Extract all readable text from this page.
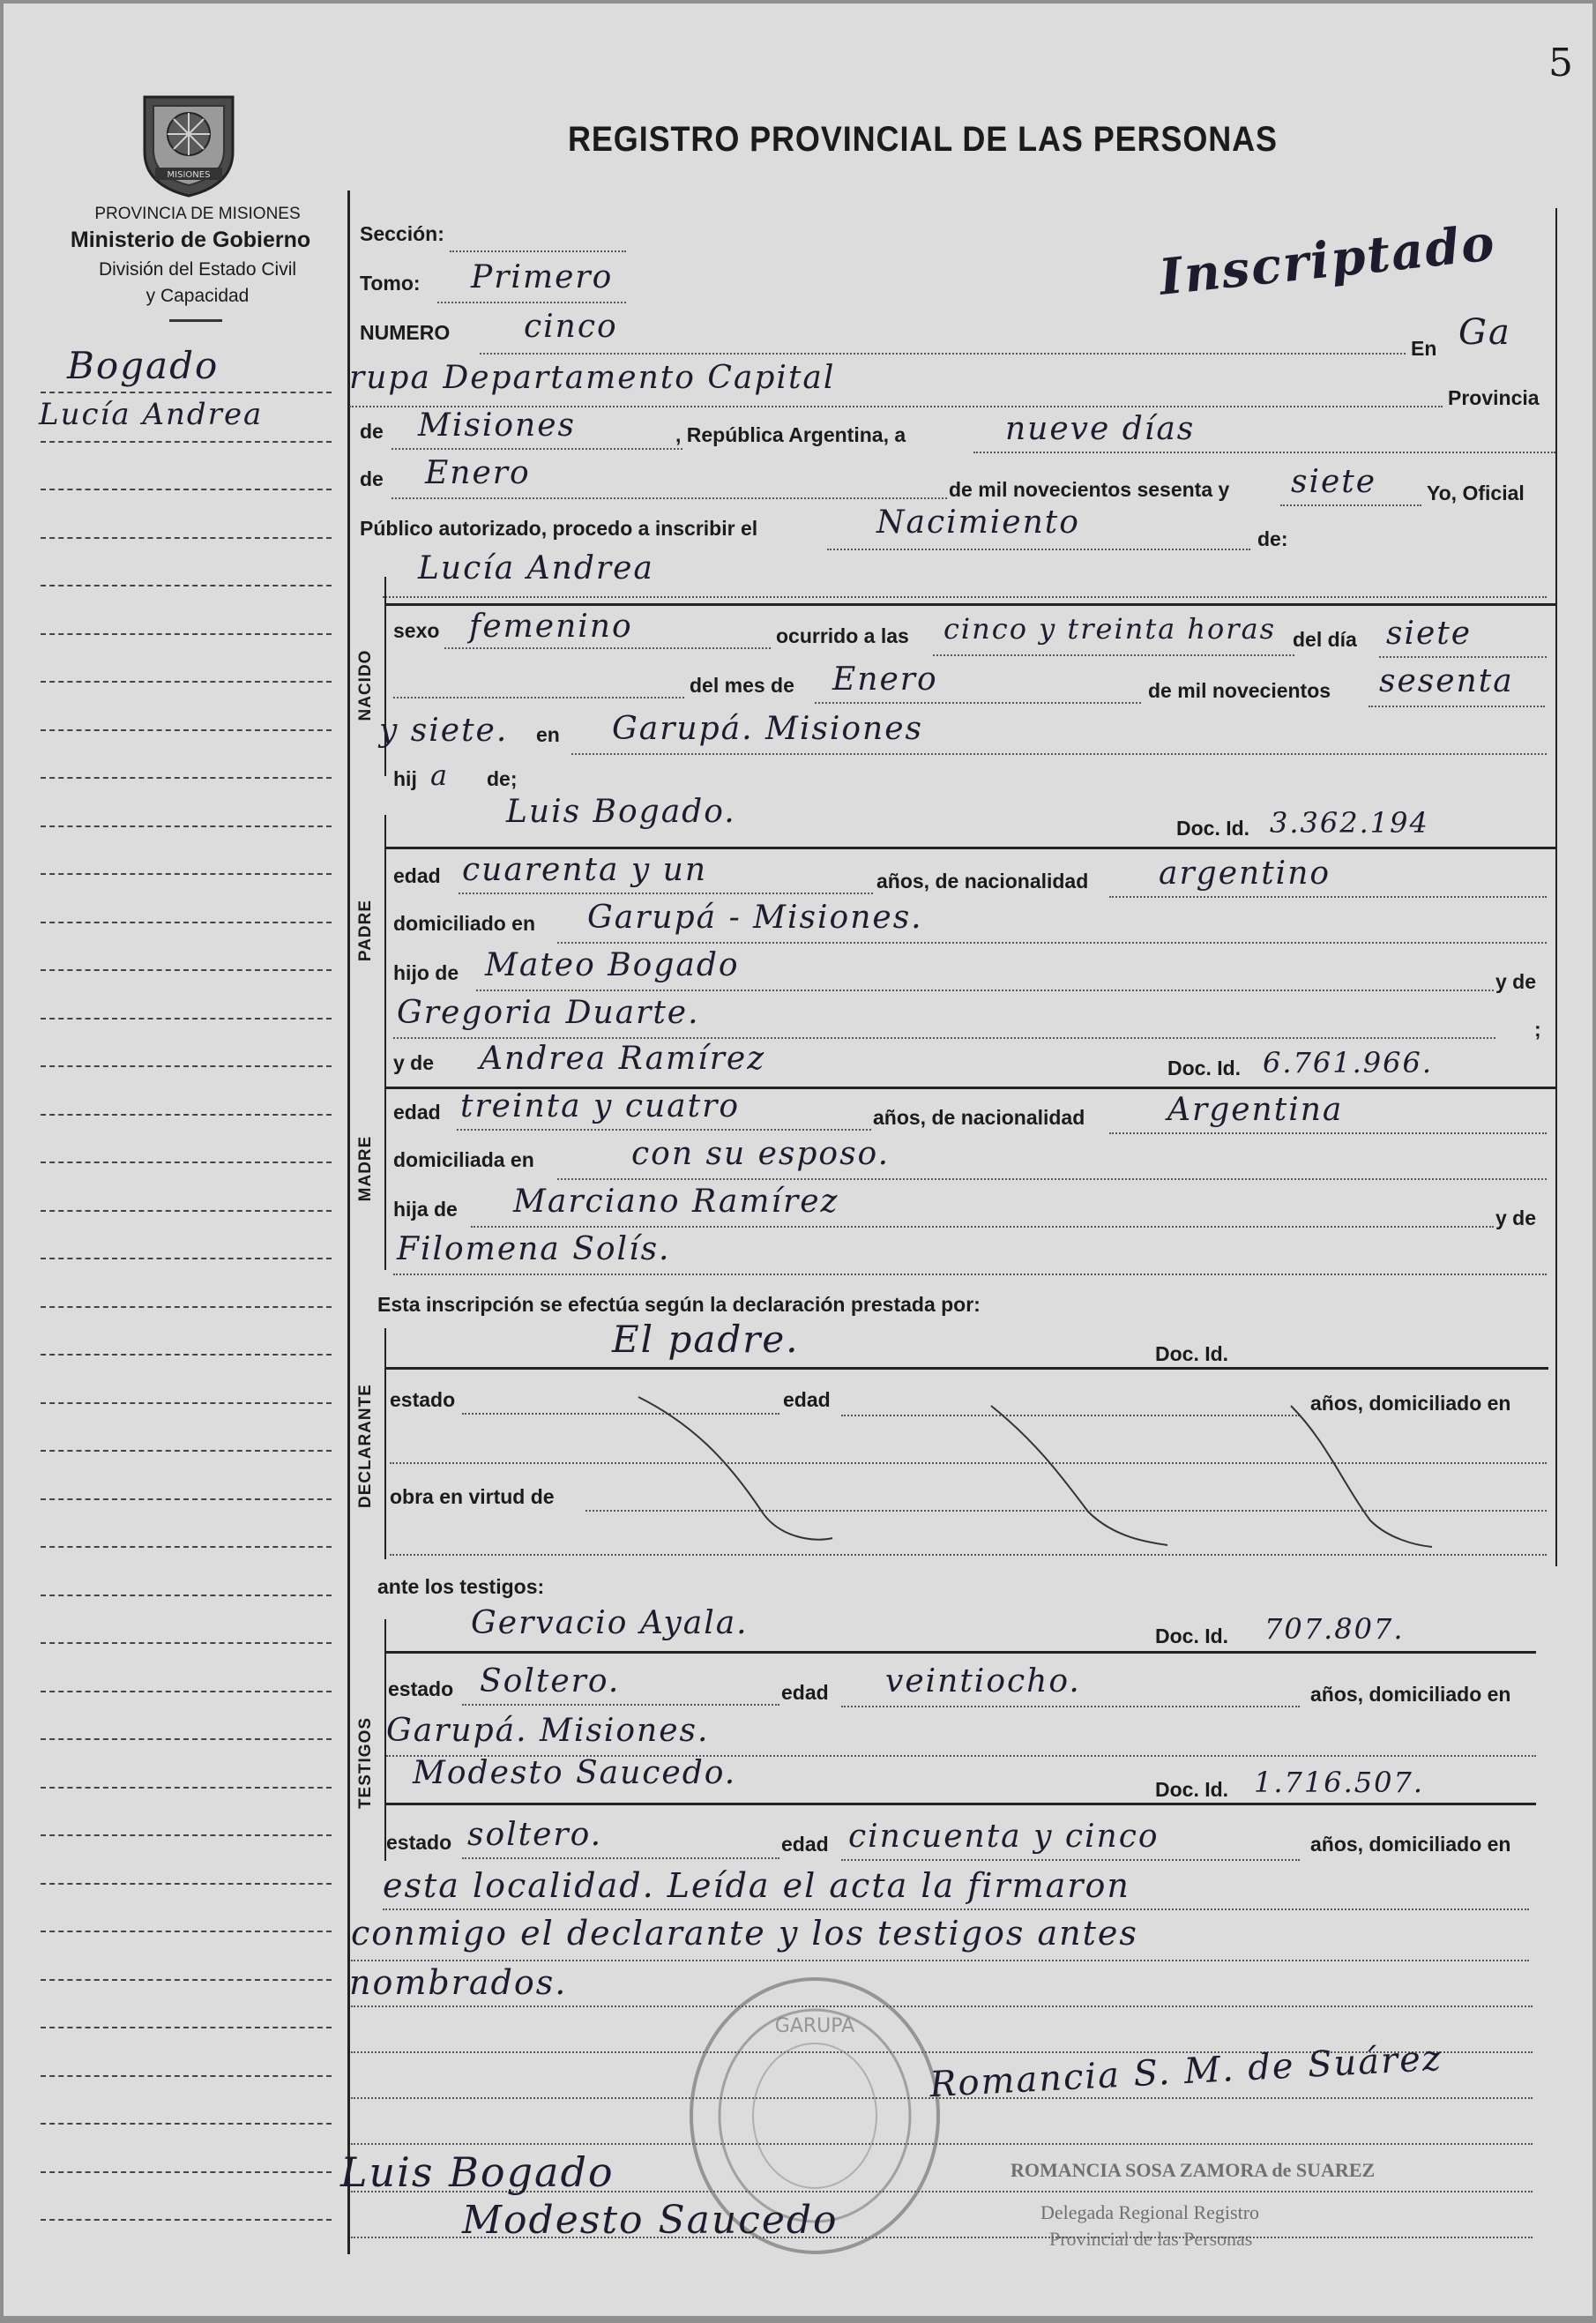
5
MISIONES
PROVINCIA DE MISIONES
Ministerio de Gobierno
División del Estado Civil
y Capacidad
REGISTRO PROVINCIAL DE LAS PERSONAS
Inscriptado
Bogado
Lucía Andrea
Sección:
Tomo: Primero
NUMERO cinco
En Ga
rupa Departamento Capital
Provincia
de Misiones	, República Argentina, a	nueve días
de Enero	de mil novecientos sesenta y siete Yo, Oficial
Público autorizado, procedo a inscribir el	Nacimiento	de:
Lucía Andrea
NACIDO
sexo femenino	ocurrido a las cinco y treinta horas del día siete
del mes de Enero	de mil novecientos sesenta
y siete. en Garupá. Misiones
hij a de;
PADRE
Luis Bogado.	Doc. Id. 3.362.194
edad cuarenta y un	años, de nacionalidad argentino
domiciliado en Garupá - Misiones.
hijo de Mateo Bogado	y de
Gregoria Duarte.	;
MADRE
y de Andrea Ramírez	Doc. Id. 6.761.966.
edad treinta y cuatro	años, de nacionalidad	Argentina
domiciliada en	con su esposo.
hija de Marciano Ramírez	y de
Filomena Solís.
Esta inscripción se efectúa según la declaración prestada por:
DECLARANTE
El padre.	Doc. Id.
estado	edad	años, domiciliado en
obra en virtud de
ante los testigos:
TESTIGOS
Gervacio Ayala.	Doc. Id. 707.807.
estado Soltero.	edad veintiocho.	años, domiciliado en
Garupá. Misiones.
Modesto Saucedo.	Doc. Id. 1.716.507.
estado soltero.	edad cincuenta y cinco	años, domiciliado en
esta localidad. Leída el acta la firmaron
conmigo el declarante y los testigos antes
nombrados.
GARUPA
Romancia S. M. de Suárez
Luis Bogado
Modesto Saucedo
ROMANCIA SOSA ZAMORA de SUAREZ
Delegada Regional Registro
Provincial de las Personas
